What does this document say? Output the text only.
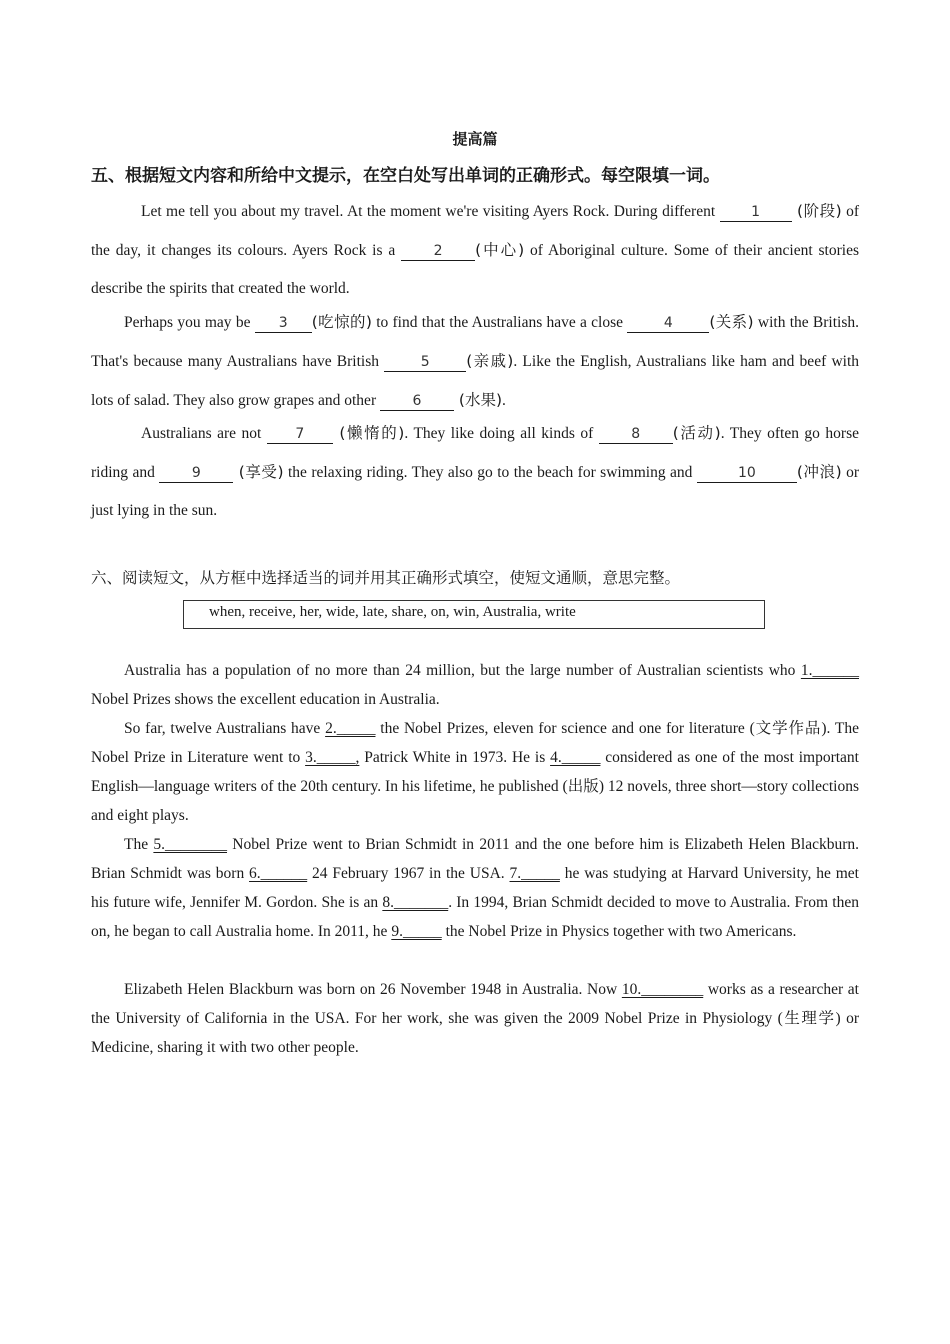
提高篇
五、根据短文内容和所给中文提示，在空白处写出单词的正确形式。每空限填一词。

Let me tell you about my travel. At the moment we're visiting Ayers Rock. During different 1 (阶段) of the day, it changes its colours. Ayers Rock is a 2 (中心) of Aboriginal culture. Some of their ancient stories describe the spirits that created the world.

Perhaps you may be 3 (吃惊的) to find that the Australians have a close	4 (关系) with the British. That's because many Australians have British	5 (亲戚). Like the English, Australians like ham and beef with lots of salad. They also grow grapes and other 6 (水果).

Australians are not 7 (懒惰的). They like doing all kinds of 8 (活动). They often go horse riding and 9 (享受) the relaxing riding. They also go to the beach for swimming and	10	(冲浪) or just lying in the sun.

六、阅读短文，从方框中选择适当的词并用其正确形式填空，使短文通顺，意思完整。
when, receive, her, wide, late, share, on, win, Australia, write

Australia has a population of no more than 24 million, but the large number of Australian scientists who 1.______ Nobel Prizes shows the excellent education in Australia.

So far, twelve Australians have 2._____ the Nobel Prizes, eleven for science and one for literature (文学作品). The Nobel Prize in Literature went to 3._____, Patrick White in 1973. He is 4._____ considered as one of the most important English—language writers of the 20th century. In his lifetime, he published (出版) 12 novels, three short—story collections and eight plays.

The 5.________ Nobel Prize went to Brian Schmidt in 2011 and the one before him is Elizabeth Helen Blackburn. Brian Schmidt was born 6.______ 24 February 1967 in the USA. 7._____ he was studying at Harvard University, he met his future wife, Jennifer M. Gordon. She is an 8._______. In 1994, Brian Schmidt decided to move to Australia. From then on, he began to call Australia home. In 2011, he 9._____ the Nobel Prize in Physics together with two Americans.

Elizabeth Helen Blackburn was born on 26 November 1948 in Australia. Now 10.________ works as a researcher at the University of California in the USA. For her work, she was given the 2009 Nobel Prize in Physiology (生理学) or Medicine, sharing it with two other people.
